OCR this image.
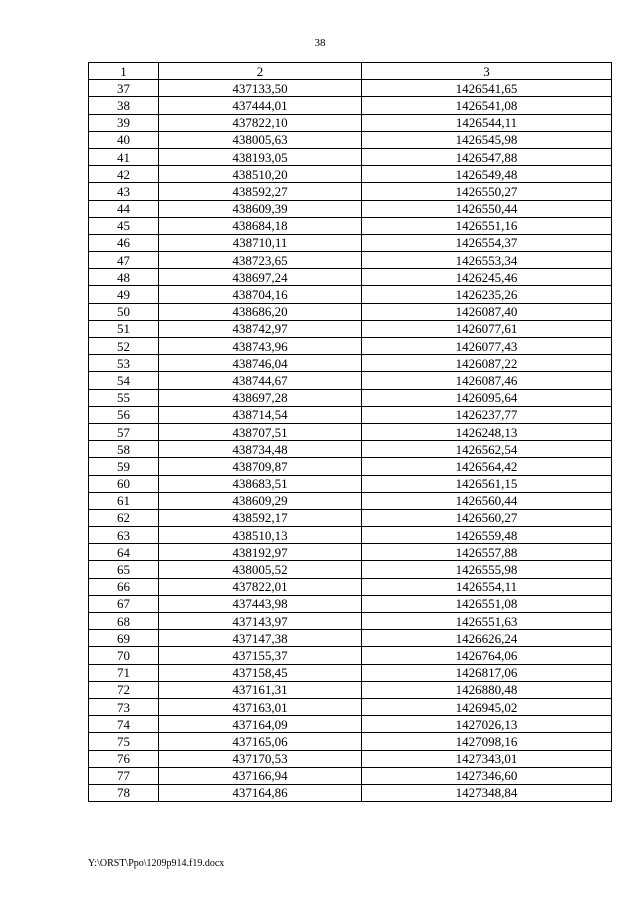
38
1	2	3
37	437133,50	1426541,65
38	437444,01	1426541,08
39	437822,10	1426544,11
40	438005,63	1426545,98
41	438193,05	1426547,88
42	438510,20	1426549,48
43	438592,27	1426550,27
44	438609,39	1426550,44
45	438684,18	1426551,16
46	438710,11	1426554,37
47	438723,65	1426553,34
48	438697,24	1426245,46
49	438704,16	1426235,26
50	438686,20	1426087,40
51	438742,97	1426077,61
52	438743,96	1426077,43
53	438746,04	1426087,22
54	438744,67	1426087,46
55	438697,28	1426095,64
56	438714,54	1426237,77
57	438707,51	1426248,13
58	438734,48	1426562,54
59	438709,87	1426564,42
60	438683,51	1426561,15
61	438609,29	1426560,44
62	438592,17	1426560,27
63	438510,13	1426559,48
64	438192,97	1426557,88
65	438005,52	1426555,98
66	437822,01	1426554,11
67	437443,98	1426551,08
68	437143,97	1426551,63
69	437147,38	1426626,24
70	437155,37	1426764,06
71	437158,45	1426817,06
72	437161,31	1426880,48
73	437163,01	1426945,02
74	437164,09	1427026,13
75	437165,06	1427098,16
76	437170,53	1427343,01
77	437166,94	1427346,60
78	437164,86	1427348,84
Y:\ORST\Ppo\1209p914.f19.docx
